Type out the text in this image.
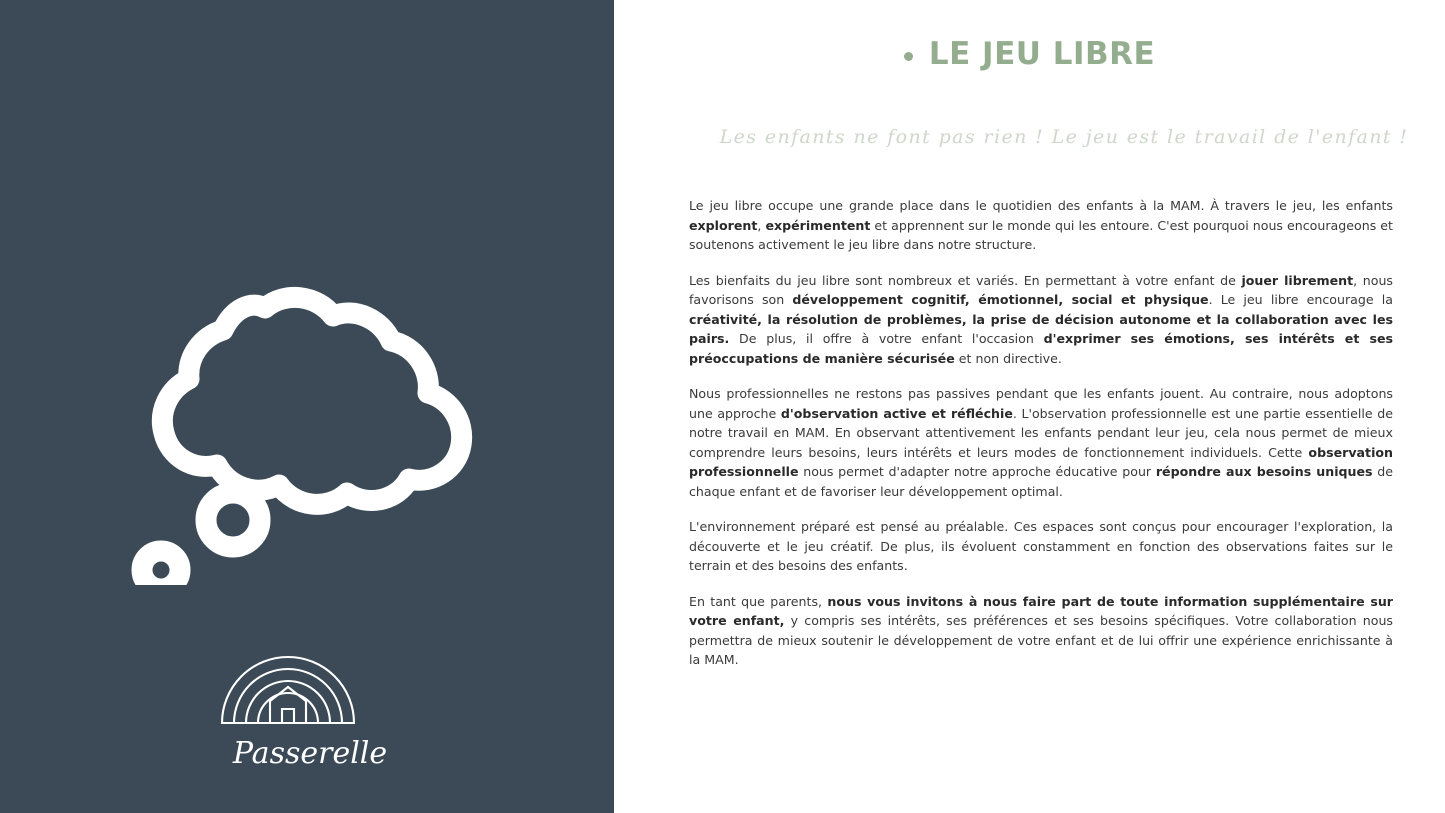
Passerelle
LE JEU LIBRE
Les enfants ne font pas rien ! Le jeu est le travail de l'enfant !

Le jeu libre occupe une grande place dans le quotidien des enfants à la MAM. À travers le jeu, les enfants explorent, expérimentent et apprennent sur le monde qui les entoure. C'est pourquoi nous encourageons et soutenons activement le jeu libre dans notre structure.

Les bienfaits du jeu libre sont nombreux et variés. En permettant à votre enfant de jouer librement, nous favorisons son développement cognitif, émotionnel, social et physique. Le jeu libre encourage la créativité, la résolution de problèmes, la prise de décision autonome et la collaboration avec les pairs. De plus, il offre à votre enfant l'occasion d'exprimer ses émotions, ses intérêts et ses préoccupations de manière sécurisée et non directive.

Nous professionnelles ne restons pas passives pendant que les enfants jouent. Au contraire, nous adoptons une approche d'observation active et réfléchie. L'observation professionnelle est une partie essentielle de notre travail en MAM. En observant attentivement les enfants pendant leur jeu, cela nous permet de mieux comprendre leurs besoins, leurs intérêts et leurs modes de fonctionnement individuels. Cette observation professionnelle nous permet d'adapter notre approche éducative pour répondre aux besoins uniques de chaque enfant et de favoriser leur développement optimal.

L'environnement préparé est pensé au préalable. Ces espaces sont conçus pour encourager l'exploration, la découverte et le jeu créatif. De plus, ils évoluent constamment en fonction des observations faites sur le terrain et des besoins des enfants.

En tant que parents, nous vous invitons à nous faire part de toute information supplémentaire sur votre enfant, y compris ses intérêts, ses préférences et ses besoins spécifiques. Votre collaboration nous permettra de mieux soutenir le développement de votre enfant et de lui offrir une expérience enrichissante à la MAM.
